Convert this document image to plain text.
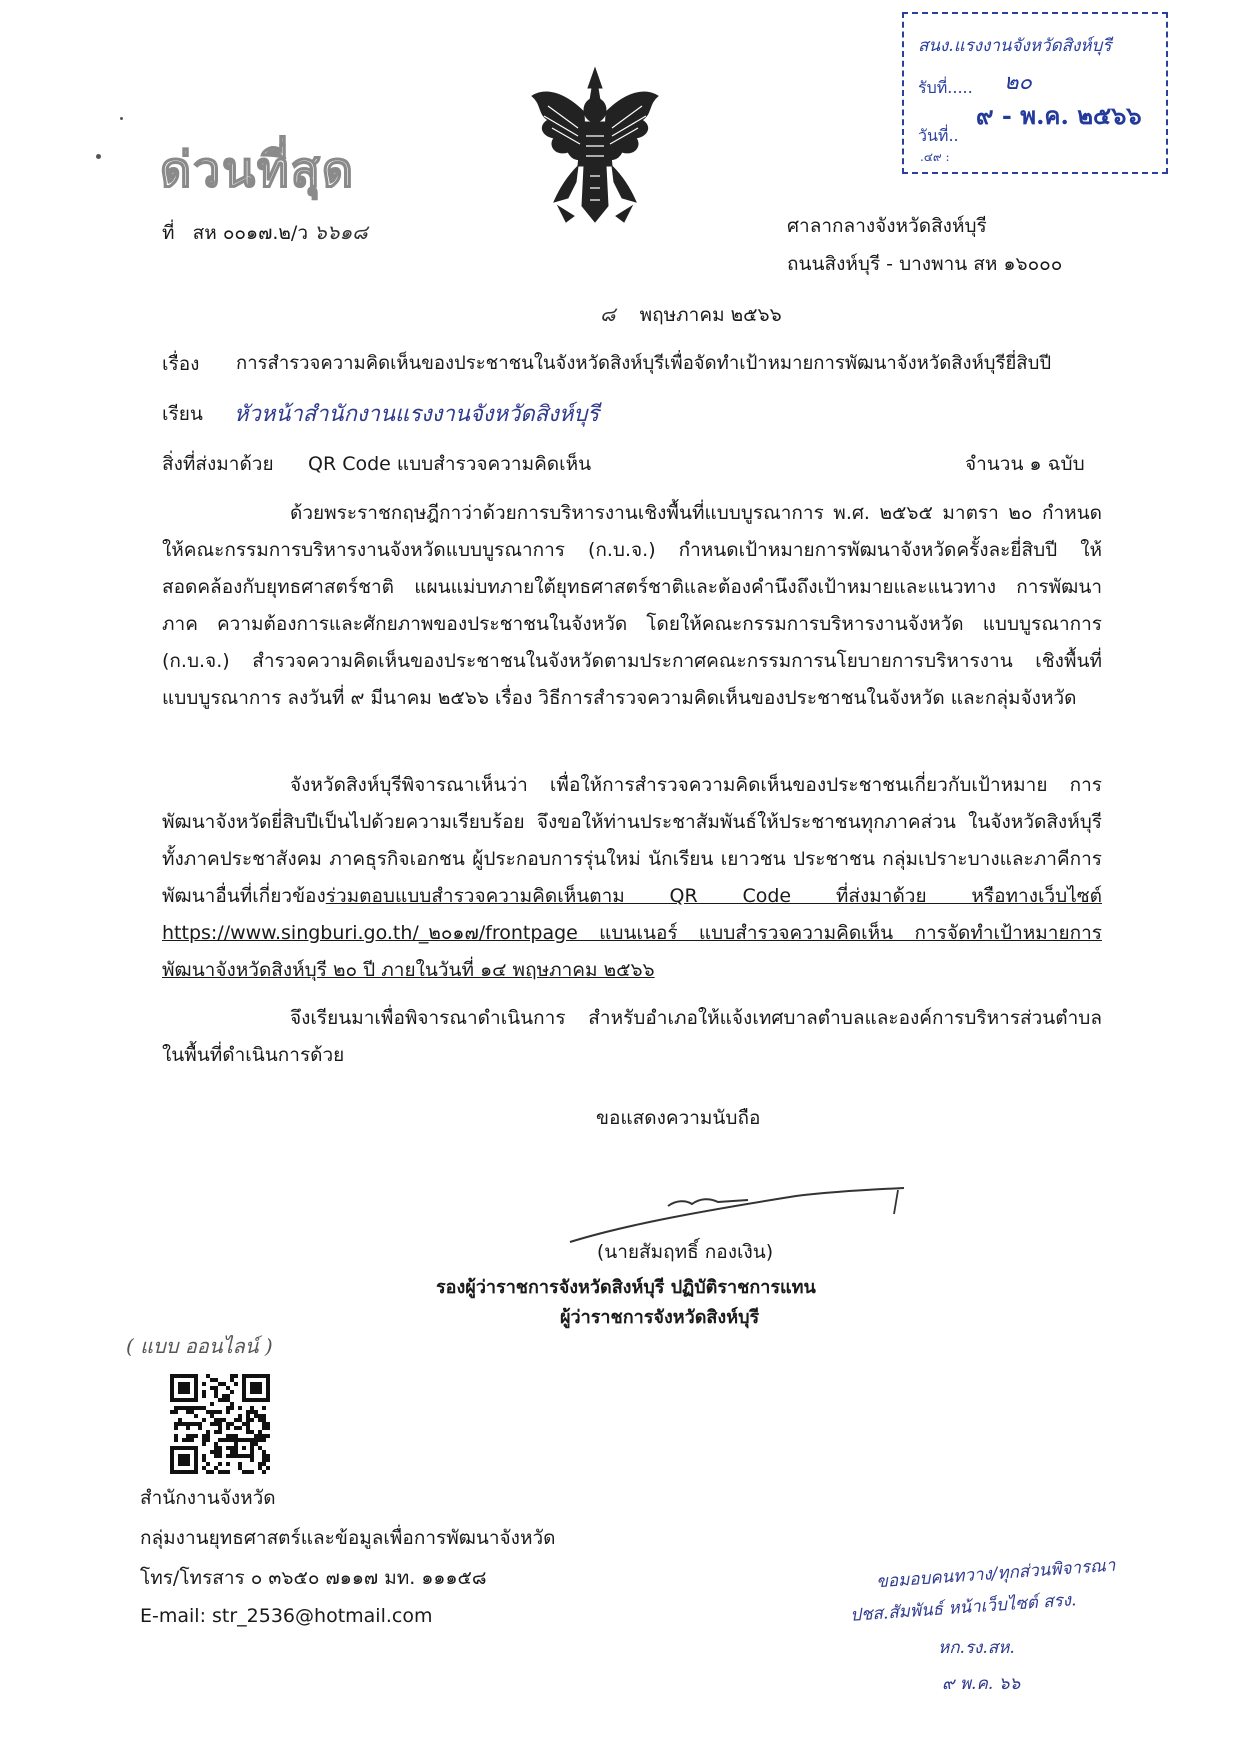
ด่วนที่สุด
สนง.แรงงานจังหวัดสิงห์บุรี
รับที่..... ๒๐
๙ - พ.ค. ๒๕๖๖
วันที่..
.๔๙ :
ที่ สห ๐๐๑๗.๒/ว ๖๖๑๘	ศาลากลางจังหวัดสิงห์บุรี
ถนนสิงห์บุรี - บางพาน สห ๑๖๐๐๐
๘ พฤษภาคม ๒๕๖๖
เรื่อง การสำรวจความคิดเห็นของประชาชนในจังหวัดสิงห์บุรีเพื่อจัดทำเป้าหมายการพัฒนาจังหวัดสิงห์บุรียี่สิบปี
เรียน หัวหน้าสำนักงานแรงงานจังหวัดสิงห์บุรี
สิ่งที่ส่งมาด้วย QR Code แบบสำรวจความคิดเห็น	จำนวน ๑ ฉบับ
ด้วยพระราชกฤษฎีกาว่าด้วยการบริหารงานเชิงพื้นที่แบบบูรณาการ พ.ศ. ๒๕๖๕ มาตรา ๒๐ กำหนดให้คณะกรรมการบริหารงานจังหวัดแบบบูรณาการ (ก.บ.จ.) กำหนดเป้าหมายการพัฒนาจังหวัดครั้งละยี่สิบปี ให้สอดคล้องกับยุทธศาสตร์ชาติ แผนแม่บทภายใต้ยุทธศาสตร์ชาติและต้องคำนึงถึงเป้าหมายและแนวทาง การพัฒนาภาค ความต้องการและศักยภาพของประชาชนในจังหวัด โดยให้คณะกรรมการบริหารงานจังหวัด แบบบูรณาการ (ก.บ.จ.) สำรวจความคิดเห็นของประชาชนในจังหวัดตามประกาศคณะกรรมการนโยบายการบริหารงาน เชิงพื้นที่แบบบูรณาการ ลงวันที่ ๙ มีนาคม ๒๕๖๖ เรื่อง วิธีการสำรวจความคิดเห็นของประชาชนในจังหวัด และกลุ่มจังหวัด
จังหวัดสิงห์บุรีพิจารณาเห็นว่า เพื่อให้การสำรวจความคิดเห็นของประชาชนเกี่ยวกับเป้าหมาย การพัฒนาจังหวัดยี่สิบปีเป็นไปด้วยความเรียบร้อย จึงขอให้ท่านประชาสัมพันธ์ให้ประชาชนทุกภาคส่วน ในจังหวัดสิงห์บุรี ทั้งภาคประชาสังคม ภาคธุรกิจเอกชน ผู้ประกอบการรุ่นใหม่ นักเรียน เยาวชน ประชาชน กลุ่มเปราะบางและภาคีการพัฒนาอื่นที่เกี่ยวข้องร่วมตอบแบบสำรวจความคิดเห็นตาม QR Code ที่ส่งมาด้วย หรือทางเว็บไซต์ https://www.singburi.go.th/_๒๐๑๗/frontpage แบนเนอร์ แบบสำรวจความคิดเห็น การจัดทำเป้าหมายการพัฒนาจังหวัดสิงห์บุรี ๒๐ ปี ภายในวันที่ ๑๔ พฤษภาคม ๒๕๖๖
จึงเรียนมาเพื่อพิจารณาดำเนินการ สำหรับอำเภอให้แจ้งเทศบาลตำบลและองค์การบริหารส่วนตำบล ในพื้นที่ดำเนินการด้วย
ขอแสดงความนับถือ
(นายสัมฤทธิ์ กองเงิน)
รองผู้ว่าราชการจังหวัดสิงห์บุรี ปฏิบัติราชการแทน
ผู้ว่าราชการจังหวัดสิงห์บุรี
( แบบ ออนไลน์ )
สำนักงานจังหวัด
กลุ่มงานยุทธศาสตร์และข้อมูลเพื่อการพัฒนาจังหวัด
โทร/โทรสาร ๐ ๓๖๕๐ ๗๑๑๗ มท. ๑๑๑๕๘
E-mail: str_2536@hotmail.com
ขอมอบคนทวาง/ทุกส่วนพิจารณา
ปชส.สัมพันธ์ หน้าเว็บไซต์ สรง.
หก.รง.สห.
๙ พ.ค. ๖๖
